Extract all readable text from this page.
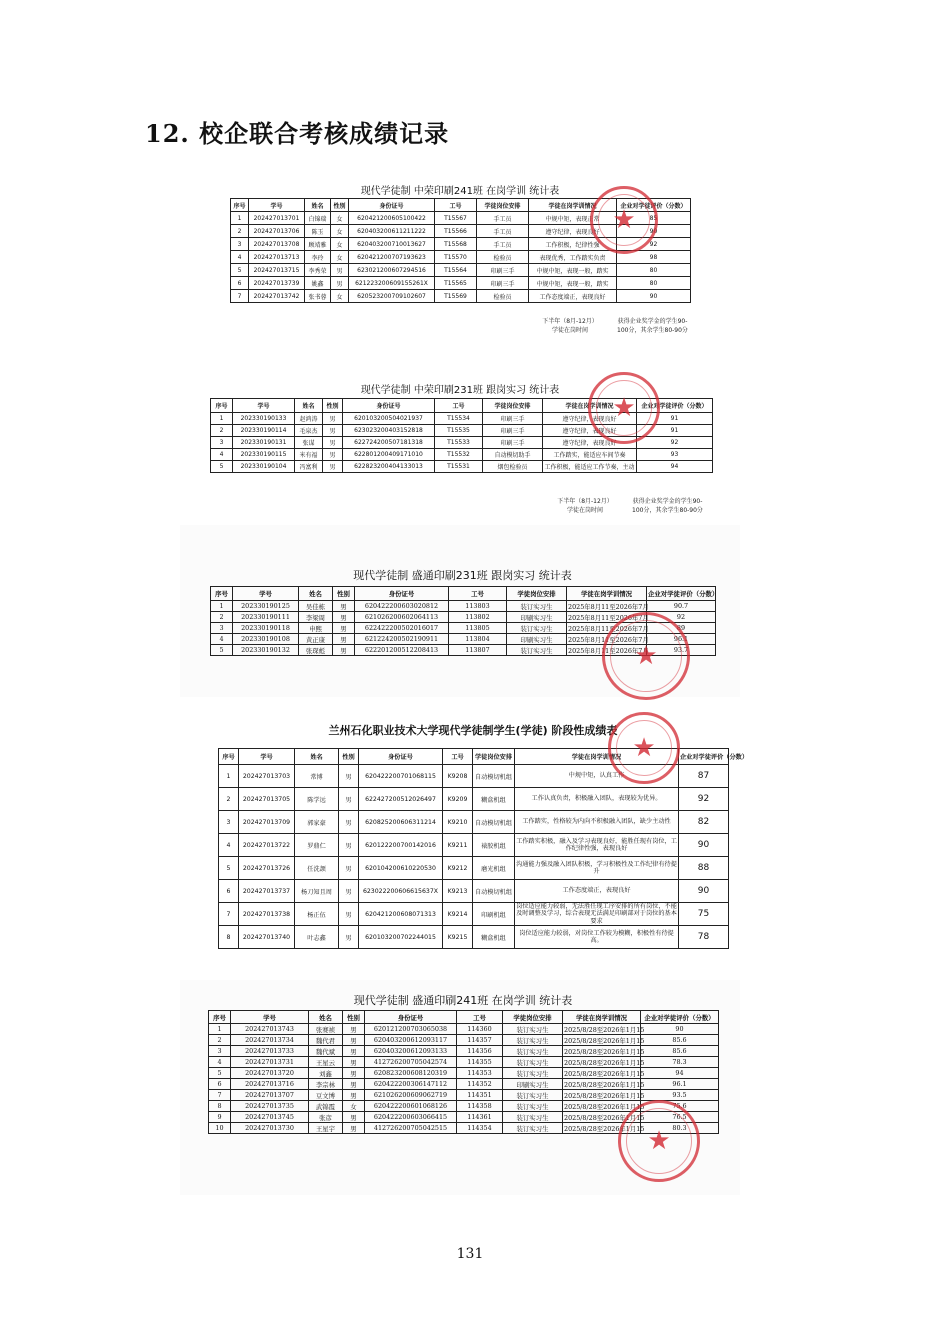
12. 校企联合考核成绩记录
现代学徒制 中荣印刷241班 在岗学训 统计表
序号	学号	姓名	性别	身份证号	工号	学徒岗位安排	学徒在岗学训情况	企业对学徒评价（分数）
1	202427013701	白锦瑞	女	620421200605100422	T15567	手工员	中规中矩，表现正常	85
2	202427013706	陈玉	女	620403200611211222	T15566	手工员	遵守纪律，表现良好	90
3	202427013708	顾靖雅	女	620403200710013627	T15568	手工员	工作积极，纪律性强	92
4	202427013713	李玲	女	620421200707193623	T15570	检验员	表现优秀，工作踏实负责	98
5	202427013715	李秀荣	男	623021200607294516	T15564	印刷三手	中规中矩，表现一般，踏实	80
6	202427013739	姚鑫	男	621223200609155261X	T15565	印刷三手	中规中矩，表现一般，踏实	80
7	202427013742	张书蓉	女	620523200709102607	T15569	检验员	工作态度端正，表现良好	90
下半年（8月-12月）
学徒在岗时间
获得企业奖学金的学生90-
100分，其余学生80-90分
★
现代学徒制 中荣印刷231班 跟岗实习 统计表
序号	学号	姓名	性别	身份证号	工号	学徒岗位安排	学徒在岗学训情况	企业对学徒评价（分数）
1	202330190133	赵鸿涛	男	620103200504021937	T15534	印刷三手	遵守纪律，表现良好	91
2	202330190114	毛泉杰	男	623023200403152818	T15535	印刷三手	遵守纪律，表现良好	91
3	202330190131	张谋	男	622724200507181318	T15533	印刷三手	遵守纪律，表现良好	92
4	202330190115	米有福	男	622801200409171010	T15532	自动模切助手	工作踏实，能适应车间节奏	93
5	202330190104	冯富利	男	622823200404133013	T15531	烟包检验员	工作积极，能适应工作节奏，主动	94
下半年（8月-12月）
学徒在岗时间
获得企业奖学金的学生90-
100分，其余学生80-90分
★
现代学徒制 盛通印刷231班 跟岗实习 统计表
序号	学号	姓名	性别	身份证号	工号	学徒岗位安排	学徒在岗学训情况	企业对学徒评价（分数）
1	202330190125	吴佳栋	男	620422200603020812	113803	装订实习生	2025年8月11至2026年7月	90.7
2	202330190111	李梁周	男	621026200602064113	113802	印刷实习生	2025年8月11至2026年7月	92
3	202330190118	申熙	男	622422200502016017	113805	装订实习生	2025年8月11至2026年7月	89
4	202330190108	黄正康	男	621224200502190911	113804	印刷实习生	2025年8月11至2026年7月	96.1
5	202330190132	张琛彪	男	622201200512208413	113807	装订实习生	2025年8月11至2026年7月	93.7
★
兰州石化职业技术大学现代学徒制学生(学徒) 阶段性成绩表
序号	学号	姓名	性别	身份证号	工号	学徒岗位安排	学徒在岗学训情况	企业对学徒评价（分数）
1	202427013703	常博	男	620422200701068115	K9208	自动模切机组	中规中矩，认真工作	87
2	202427013705	陈学远	男	622427200512026497	K9209	糊盒机组	工作认真负责，积极融入团队，表现较为优异。	92
3	202427013709	郭家豪	男	620825200606311214	K9210	自动模切机组	工作踏实，性格较为内向不积极融入团队，缺少主动性	82
4	202427013722	罗鼎仁	男	620122200700142016	K9211	裱胶机组	工作踏实积极，融入及学习表现良好，能胜任现有岗位，工作纪律性强，表现良好	90
5	202427013726	任洗颉	男	620104200610220530	K9212	磨光机组	沟通能力强及融入团队积极，学习积极性及工作纪律有待提升	88
6	202427013737	杨刀知且周	男	623022200606615637X	K9213	自动模切机组	工作态度端正，表现良好	90
7	202427013738	杨正伍	男	620421200608071313	K9214	印刷机组	岗位适应能力较弱，无法胜任现工序安排的所有岗位，不能及时调整及学习，综合表现无法满足印刷部对于岗位的基本要求	75
8	202427013740	叶志鑫	男	620103200702244015	K9215	糊盒机组	岗位适应能力较弱，对岗位工作较为模糊，积极性有待提高。	78
★
现代学徒制 盛通印刷241班 在岗学训 统计表
序号	学号	姓名	性别	身份证号	工号	学徒岗位安排	学徒在岗学训情况	企业对学徒评价（分数）
1	202427013743	张赛祯	男	620121200703065038	114360	装订实习生	2025/8/28至2026年1月15	90
2	202427013734	魏代君	男	620403200612093117	114357	装订实习生	2025/8/28至2026年1月15	85.6
3	202427013733	魏代斌	男	620403200612093133	114356	装订实习生	2025/8/28至2026年1月15	85.6
4	202427013731	王星云	男	412726200705042574	114355	装订实习生	2025/8/28至2026年1月15	78.3
5	202427013720	刘鑫	男	620823200608120319	114353	装订实习生	2025/8/28至2026年1月15	94
6	202427013716	李宗林	男	620422200306147112	114352	印刷实习生	2025/8/28至2026年1月15	96.1
7	202427013707	豆文博	男	621026200609062719	114351	装订实习生	2025/8/28至2026年1月15	93.5
8	202427013735	武锦霞	女	620422200601068126	114358	装订实习生	2025/8/28至2026年1月15	75.6
9	202427013745	张彦	男	620422200603066415	114361	装订实习生	2025/8/28至2026年1月15	76.5
10	202427013730	王星宇	男	412726200705042515	114354	装订实习生	2025/8/28至2026年1月15	80.3
★
131
